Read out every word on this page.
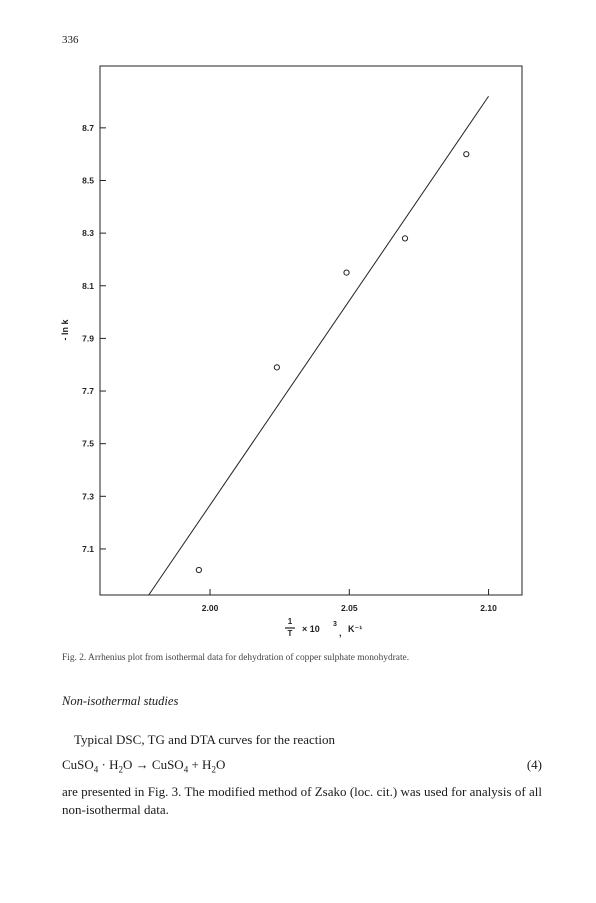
336
7.1
7.3
7.5
7.7
7.9
8.1
8.3
8.5
8.7
2.00	2.05	2.10
- ln k
1
T × 10 3
, K⁻¹
Fig. 2. Arrhenius plot from isothermal data for dehydration of copper sulphate monohydrate.
Non-isothermal studies
Typical DSC, TG and DTA curves for the reaction
CuSO$_4$ · $H_2O$ → CuSO$_4$ + $H_2O$	(4)
are presented in Fig. 3. The modified method of Zsako (loc. cit.) was used for analysis of all non-isothermal data.
